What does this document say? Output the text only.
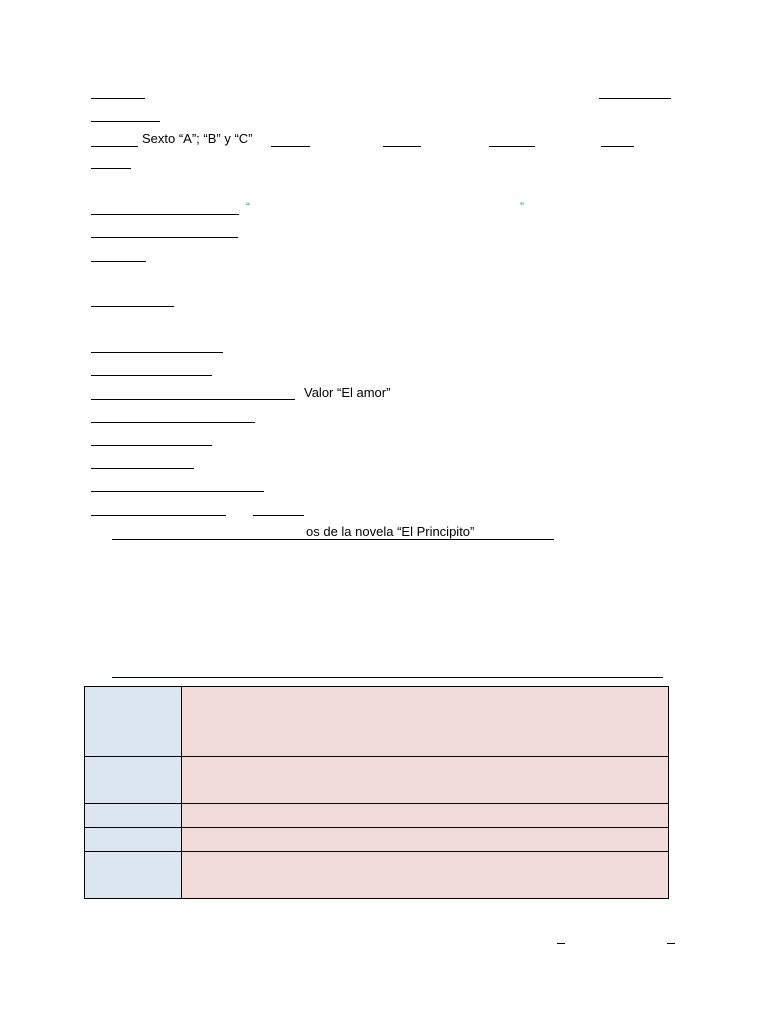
Sexto “A”; “B” y “C”
“	”
Valor “El amor”
os de la novela “El Principito”
